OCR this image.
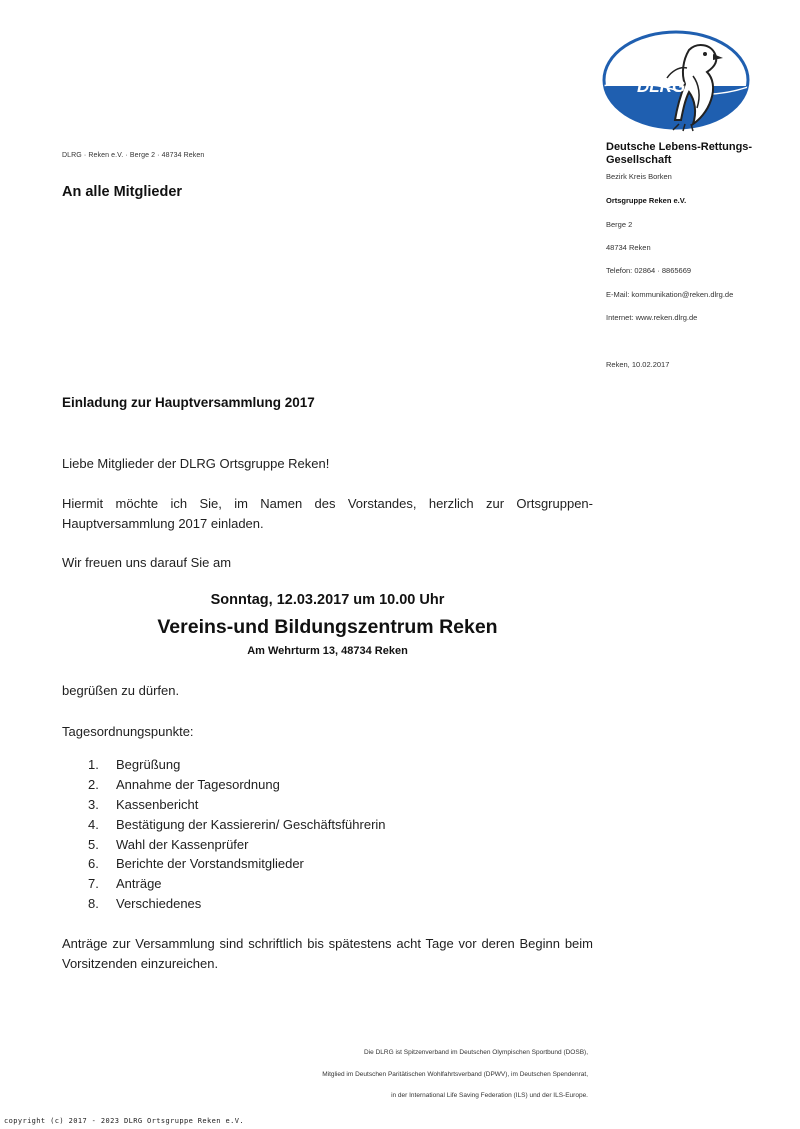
DLRG
DLRG · Reken e.V. · Berge 2 · 48734 Reken
Deutsche Lebens-Rettungs-Gesellschaft
Bezirk Kreis Borken
Ortsgruppe Reken e.V.
Berge 2
48734 Reken
Telefon: 02864 · 8865669
E-Mail: kommunikation@reken.dlrg.de
Internet: www.reken.dlrg.de
Reken, 10.02.2017
An alle Mitglieder
Einladung zur Hauptversammlung 2017
Liebe Mitglieder der DLRG Ortsgruppe Reken!
Hiermit möchte ich Sie, im Namen des Vorstandes, herzlich zur Ortsgruppen-Hauptversammlung 2017 einladen.
Wir freuen uns darauf Sie am
Sonntag, 12.03.2017 um 10.00 Uhr
Vereins-und Bildungszentrum Reken
Am Wehrturm 13, 48734 Reken
begrüßen zu dürfen.
Tagesordnungspunkte:
1.	Begrüßung
2.	Annahme der Tagesordnung
3.	Kassenbericht
4.	Bestätigung der Kassiererin/ Geschäftsführerin
5.	Wahl der Kassenprüfer
6.	Berichte der Vorstandsmitglieder
7.	Anträge
8.	Verschiedenes
Anträge zur Versammlung sind schriftlich bis spätestens acht Tage vor deren Beginn beim Vorsitzenden einzureichen.
Die DLRG ist Spitzenverband im Deutschen Olympischen Sportbund (DOSB),
Mitglied im Deutschen Paritätischen Wohlfahrtsverband (DPWV), im Deutschen Spendenrat,
in der International Life Saving Federation (ILS) und der ILS-Europe.
copyright (c) 2017 - 2023 DLRG Ortsgruppe Reken e.V.
